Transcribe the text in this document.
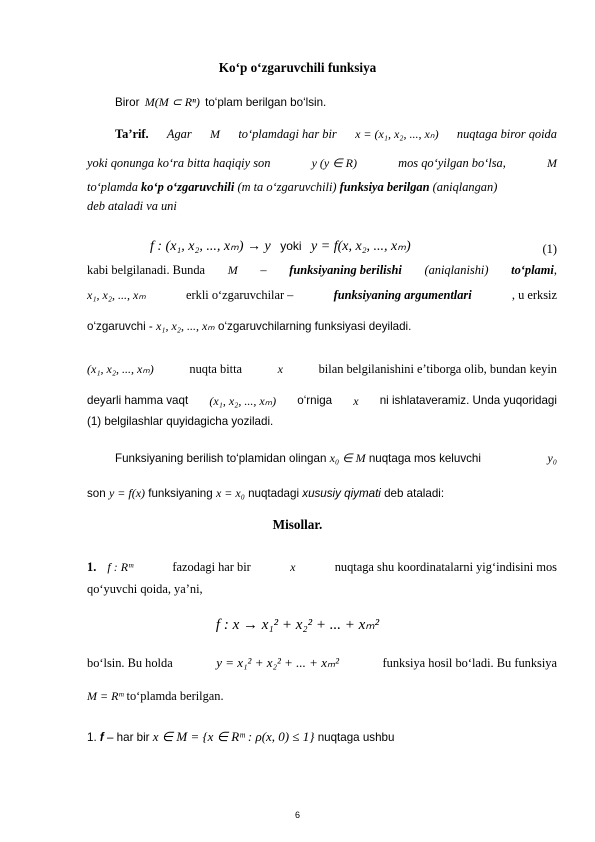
Ko‘p o‘zgaruvchili funksiya
Biror M(M ⊂ Rⁿ) to‘plam berilgan bo‘lsin.
Ta’rif. Agar M to‘plamdagi har bir x = (x₁, x₂, ..., xₙ) nuqtaga biror qoida
yoki qonunga ko‘ra bitta haqiqiy son	y (y ∈ R)	mos qo‘yilgan bo‘lsa,	M
to‘plamda ko‘p o‘zgaruvchili (m ta o‘zgaruvchili) funksiya berilgan (aniqlangan)
deb ataladi va uni
f : (x₁, x₂, ..., xₘ) → y yoki y = f(x, x₂, ..., xₘ)	(1)
kabi belgilanadi. Bunda M – funksiyaning berilishi (aniqlanishi) to‘plami,
x₁, x₂, ..., xₘ	erkli o‘zgaruvchilar –	funksiyaning argumentlari	, u erksiz
o‘zgaruvchi - x₁, x₂, ..., xₘ o‘zgaruvchilarning funksiyasi deyiladi.
(x₁, x₂, ..., xₘ)	nuqta bitta	x	bilan belgilanishini e’tiborga olib, bundan keyin
deyarli hamma vaqt (x₁, x₂, ..., xₘ) o‘rniga x ni ishlataveramiz. Unda yuqoridagi
(1) belgilashlar quyidagicha yoziladi.
Funksiyaning berilish to‘plamidan olingan x₀ ∈ M nuqtaga mos keluvchi	y₀
son y = f(x) funksiyaning x = x₀ nuqtadagi xususiy qiymati deb ataladi:
Misollar.
1. f : Rᵐ	fazodagi har bir	x	nuqtaga shu koordinatalarni yig‘indisini mos
qo‘yuvchi qoida, ya’ni,
f : x → x₁² + x₂² + ... + xₘ²
bo‘lsin. Bu holda	y = x₁² + x₂² + ... + xₘ²	funksiya hosil bo‘ladi. Bu funksiya
M = Rᵐ to‘plamda berilgan.
1. f – har bir x ∈ M = {x ∈ Rᵐ : ρ(x, 0) ≤ 1} nuqtaga ushbu
6
